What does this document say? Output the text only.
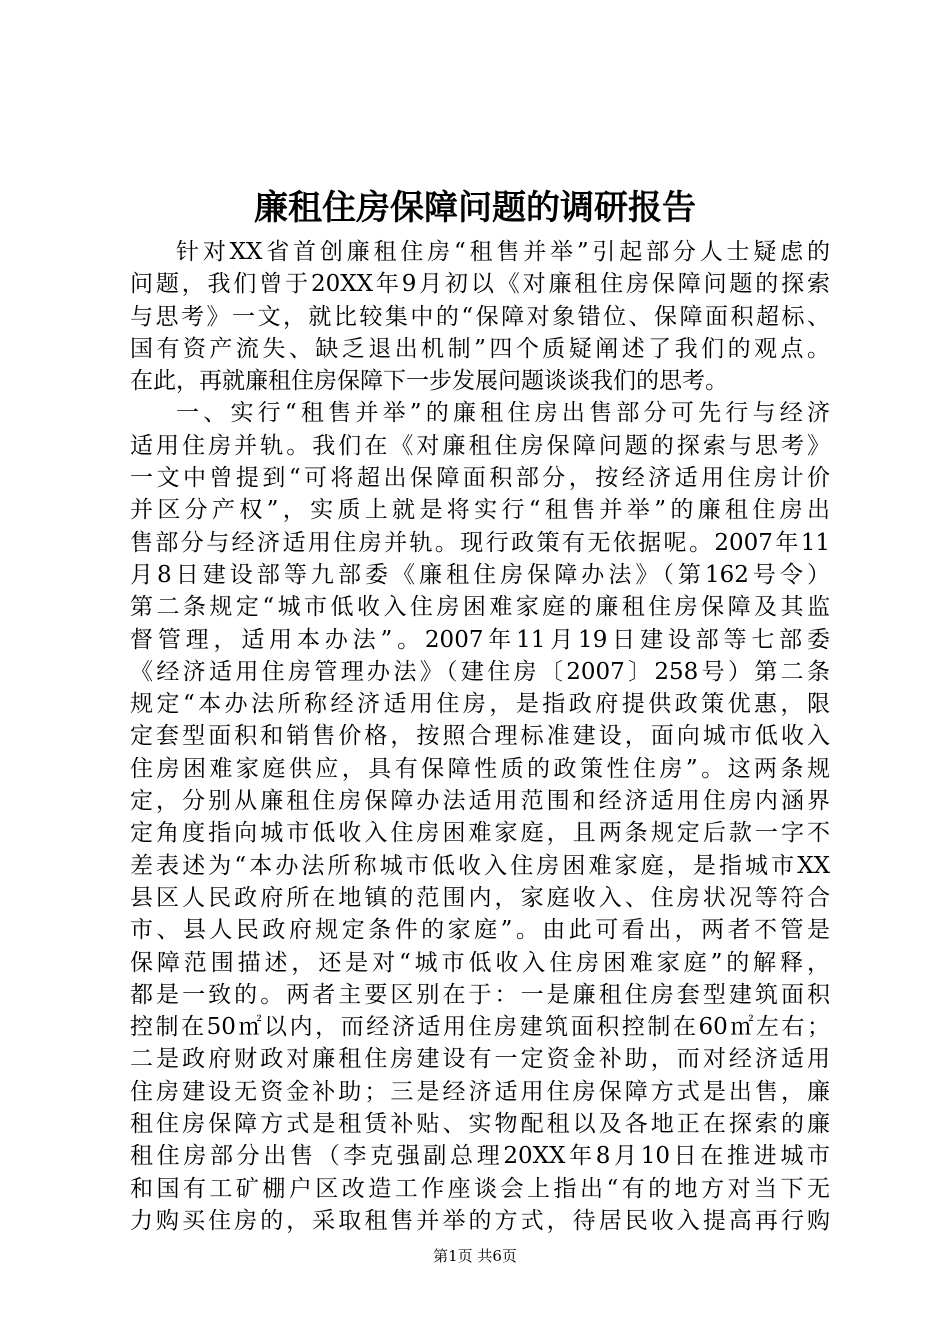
廉租住房保障问题的调研报告
针对XX省首创廉租住房“租售并举”引起部分人士疑虑的
问题，我们曾于20XX年9月初以《对廉租住房保障问题的探索
与思考》一文，就比较集中的“保障对象错位、保障面积超标、
国有资产流失、缺乏退出机制”四个质疑阐述了我们的观点。
在此，再就廉租住房保障下一步发展问题谈谈我们的思考。
一、实行“租售并举”的廉租住房出售部分可先行与经济
适用住房并轨。我们在《对廉租住房保障问题的探索与思考》
一文中曾提到“可将超出保障面积部分，按经济适用住房计价
并区分产权”，实质上就是将实行“租售并举”的廉租住房出
售部分与经济适用住房并轨。现行政策有无依据呢。2007年11
月8日建设部等九部委《廉租住房保障办法》（第162号令）
第二条规定“城市低收入住房困难家庭的廉租住房保障及其监
督管理，适用本办法”。2007年11月19日建设部等七部委
《经济适用住房管理办法》（建住房〔2007〕258号）第二条
规定“本办法所称经济适用住房，是指政府提供政策优惠，限
定套型面积和销售价格，按照合理标准建设，面向城市低收入
住房困难家庭供应，具有保障性质的政策性住房”。这两条规
定，分别从廉租住房保障办法适用范围和经济适用住房内涵界
定角度指向城市低收入住房困难家庭，且两条规定后款一字不
差表述为“本办法所称城市低收入住房困难家庭，是指城市XX
县区人民政府所在地镇的范围内，家庭收入、住房状况等符合
市、县人民政府规定条件的家庭”。由此可看出，两者不管是
保障范围描述，还是对“城市低收入住房困难家庭”的解释，
都是一致的。两者主要区别在于：一是廉租住房套型建筑面积
控制在50㎡以内，而经济适用住房建筑面积控制在60㎡左右；
二是政府财政对廉租住房建设有一定资金补助，而对经济适用
住房建设无资金补助；三是经济适用住房保障方式是出售，廉
租住房保障方式是租赁补贴、实物配租以及各地正在探索的廉
租住房部分出售（李克强副总理20XX年8月10日在推进城市
和国有工矿棚户区改造工作座谈会上指出“有的地方对当下无
力购买住房的，采取租售并举的方式，待居民收入提高再行购
第1页 共6页
